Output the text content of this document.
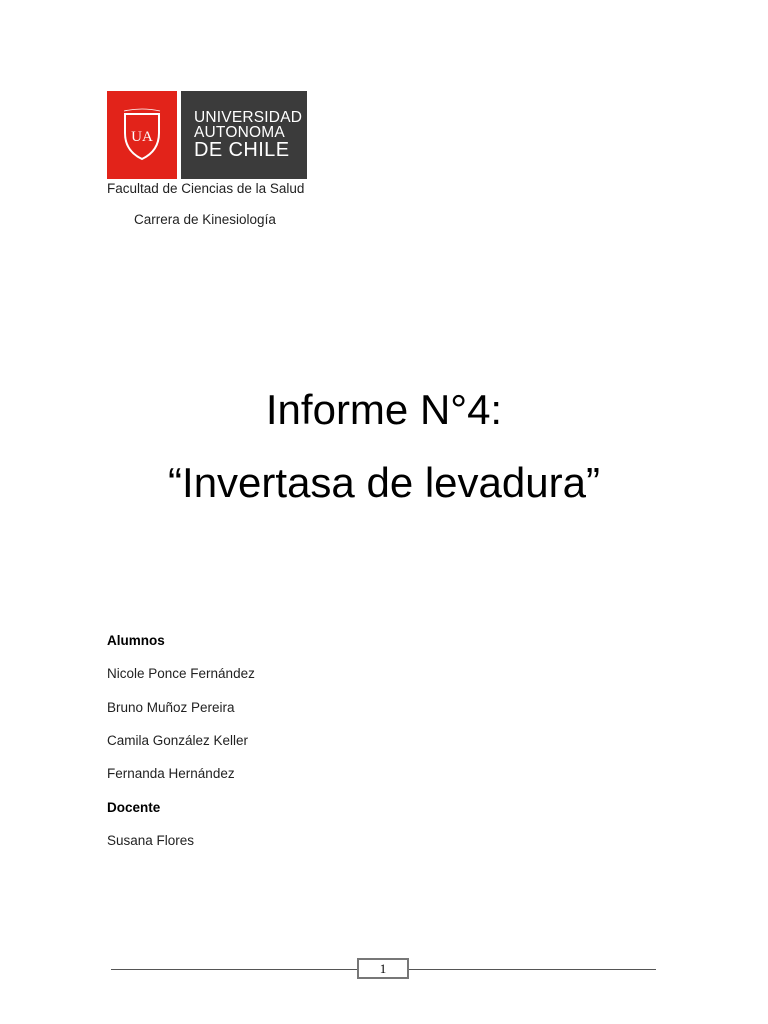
UA
UNIVERSIDAD
AUTONOMA
DE CHILE
Facultad de Ciencias de la Salud
Carrera de Kinesiología
Informe N°4:
“Invertasa de levadura”
Alumnos
Nicole Ponce Fernández
Bruno Muñoz Pereira
Camila González Keller
Fernanda Hernández
Docente
Susana Flores
1
